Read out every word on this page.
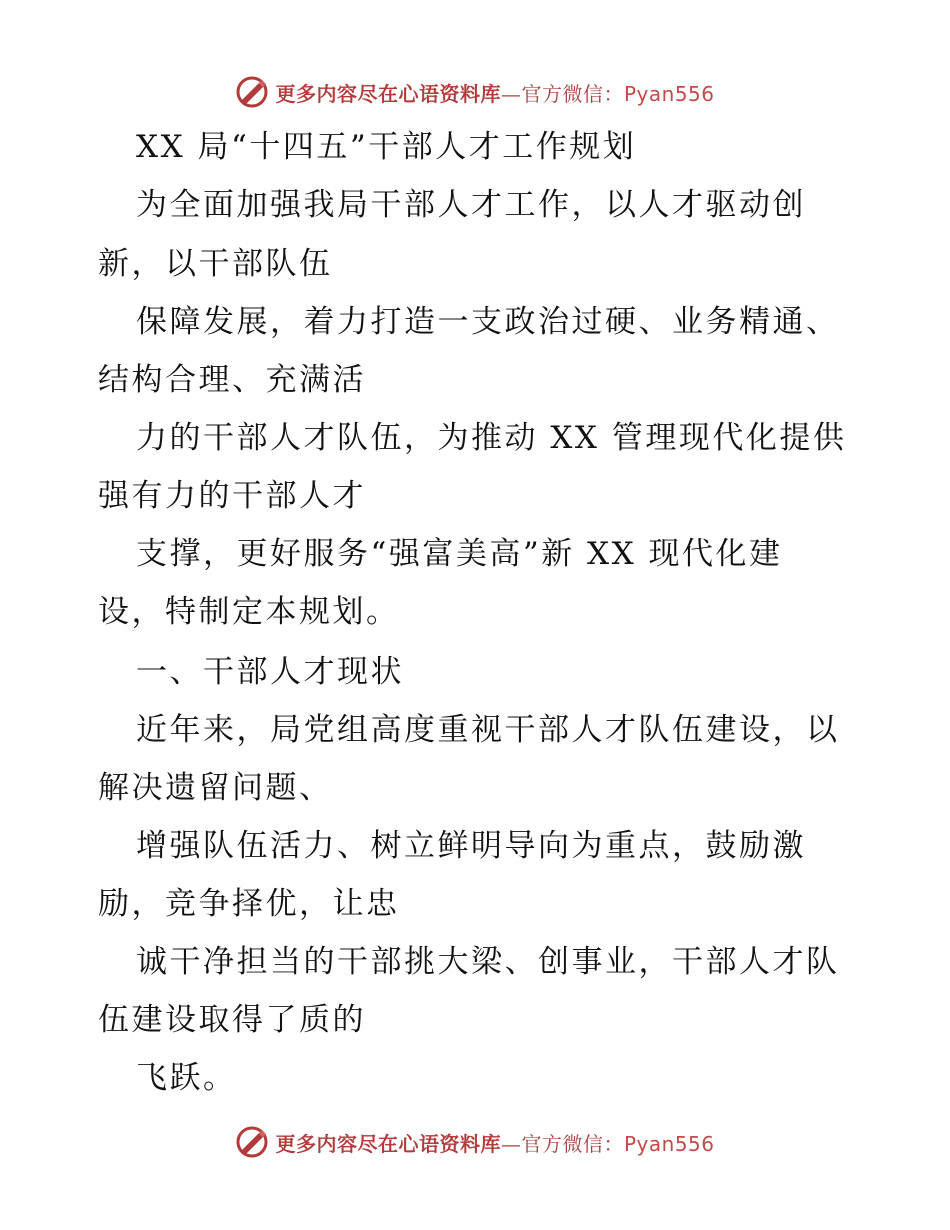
更多内容尽在心语资料库—官方微信：Pyan556
XX 局“十四五”干部人才工作规划
为全面加强我局干部人才工作，以人才驱动创
新，以干部队伍
保障发展，着力打造一支政治过硬、业务精通、
结构合理、充满活
力的干部人才队伍，为推动 XX 管理现代化提供
强有力的干部人才
支撑，更好服务“强富美高”新 XX 现代化建
设，特制定本规划。
一、干部人才现状
近年来，局党组高度重视干部人才队伍建设，以
解决遗留问题、
增强队伍活力、树立鲜明导向为重点，鼓励激
励，竞争择优，让忠
诚干净担当的干部挑大梁、创事业，干部人才队
伍建设取得了质的
飞跃。
更多内容尽在心语资料库—官方微信：Pyan556
